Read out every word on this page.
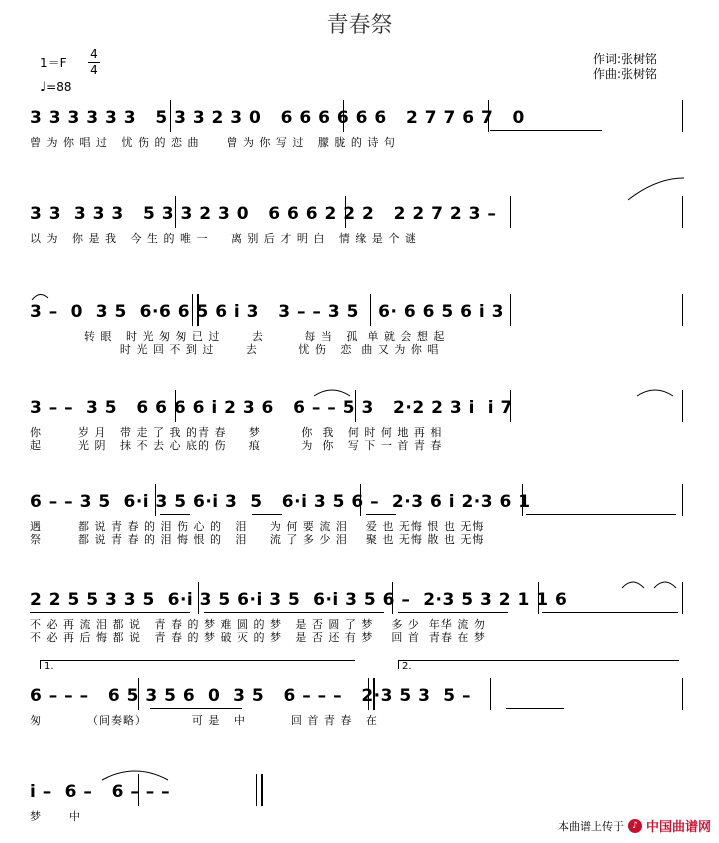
青春祭
1＝F
4
4
♩=88
作词:张树铭
作曲:张树铭
3 3 3 3 3 3   5 3 3 2 3 0   6 6 6 6 6 6   2 7 7 6 7   0
曾 为 你 唱 过   忧 伤 的 恋 曲      曾 为 你 写 过   朦 胧 的 诗 句
3 3  3 3 3   5 3 3 2 3 0   6 6 6 2 2 2   2 2 7 2 3 –
以 为   你 是 我   今 生 的 唯 一     离 别 后 才 明 白   情 缘 是 个 谜
3 –  0  3 5  6·6 6 5 6 i 3   3 – – 3 5   6· 6 6 5 6 i 3
转 眼   时 光 匆 匆 已 过       去         每 当   孤  单 就 会 想 起
时 光 回 不 到 过       去         忧 伤   恋  曲 又 为 你 唱
3 – –  3 5   6 6 6 6 i 2 3 6   6 – – 5 3   2·2 2 3 i  i 7
你        岁 月   带 走 了 我 的青 春     梦         你  我   何 时 何 地 再 相
起        光 阴   抹 不 去 心 底的 伤     痕         为  你   写 下 一 首 青 春
6 – – 3 5  6·i 3 5 6·i 3  5   6·i 3 5 6 –  2·3 6 i 2·3 6 1
遇        都 说 青 春 的 泪 伤 心 的   泪     为 何 要 流 泪    爱 也 无悔 恨 也 无悔
祭        都 说 青 春 的 泪 悔 恨 的   泪     流 了 多 少 泪    聚 也 无悔 散 也 无悔
2 2 5 5 3 3 5  6·i 3 5 6·i 3 5  6·i 3 5 6 –  2·3 5 3 2 1 1 6
不 必 再 流 泪 都 说   青 春 的 梦 难 圆 的 梦   是 否 圆 了 梦    多 少  年华 流 勿
不 必 再 后 悔 都 说   青 春 的 梦 破 灭 的 梦   是 否 还 有 梦    回 首  青春 在 梦
1.	2.
6 – – –   6 5 3 5 6  0  3 5   6 – – –   2·3 5 3  5 –
匆          （间奏略）          可 是   中          回 首 青 春   在
i –  6 –   6 – – –
梦      中
本曲谱上传于 ♪ 中国曲谱网
